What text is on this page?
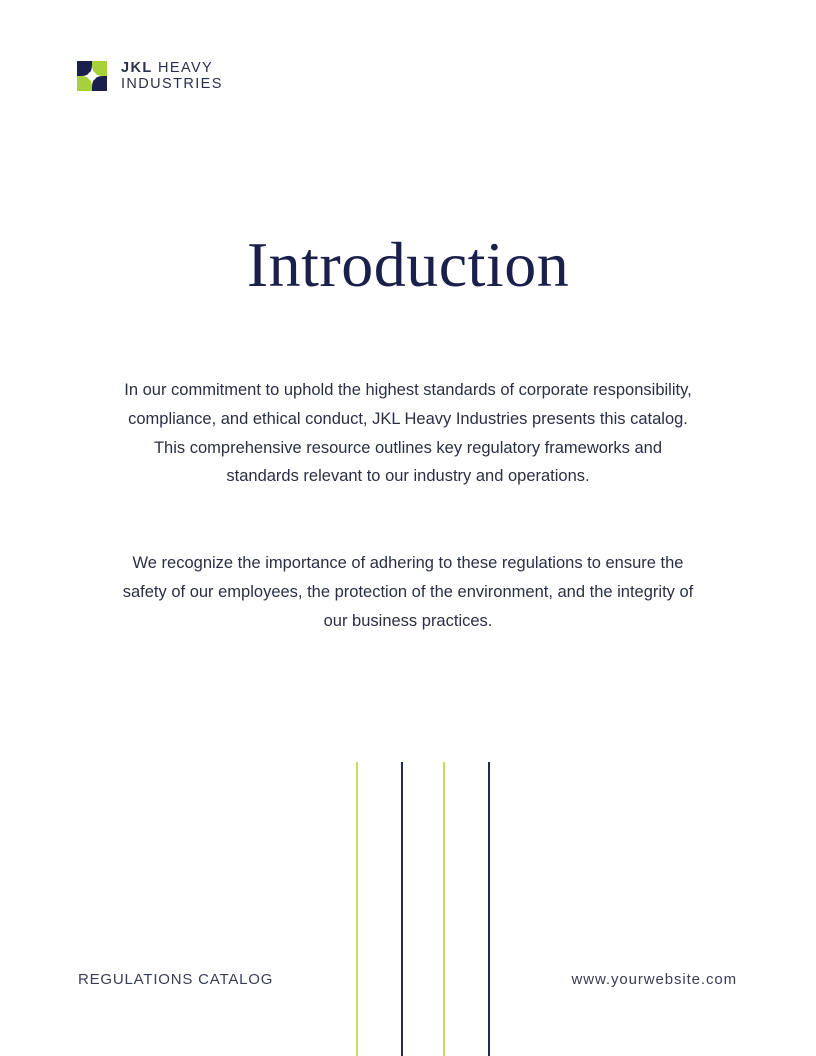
JKL HEAVY
INDUSTRIES
Introduction

In our commitment to uphold the highest standards of corporate responsibility, compliance, and ethical conduct, JKL Heavy Industries presents this catalog. This comprehensive resource outlines key regulatory frameworks and standards relevant to our industry and operations.

We recognize the importance of adhering to these regulations to ensure the safety of our employees, the protection of the environment, and the integrity of our business practices.

REGULATIONS CATALOG	www.yourwebsite.com
